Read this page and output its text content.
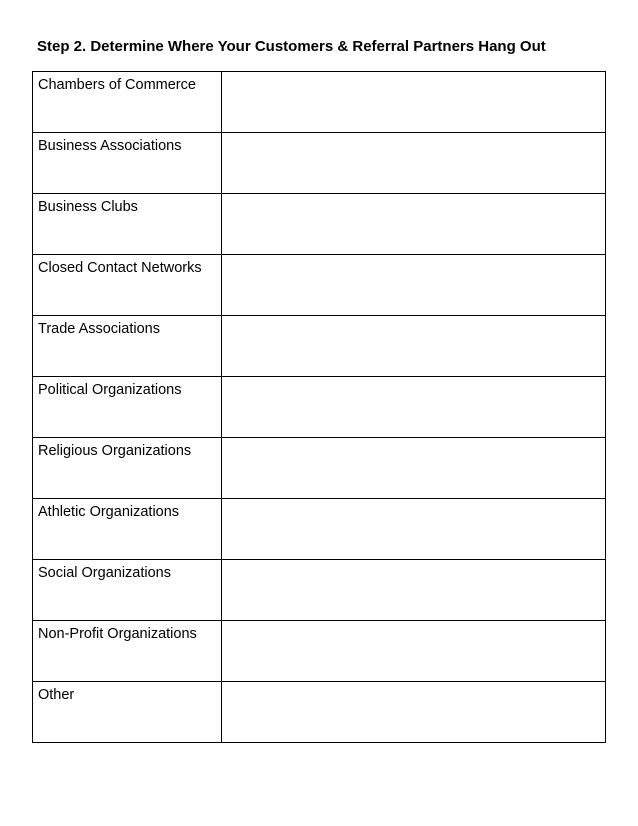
Step 2. Determine Where Your Customers & Referral Partners Hang Out
Chambers of Commerce	

Business Associations	

Business Clubs	

Closed Contact Networks	

Trade Associations	

Political Organizations	

Religious Organizations	

Athletic Organizations	

Social Organizations	

Non-Profit Organizations	

Other	
